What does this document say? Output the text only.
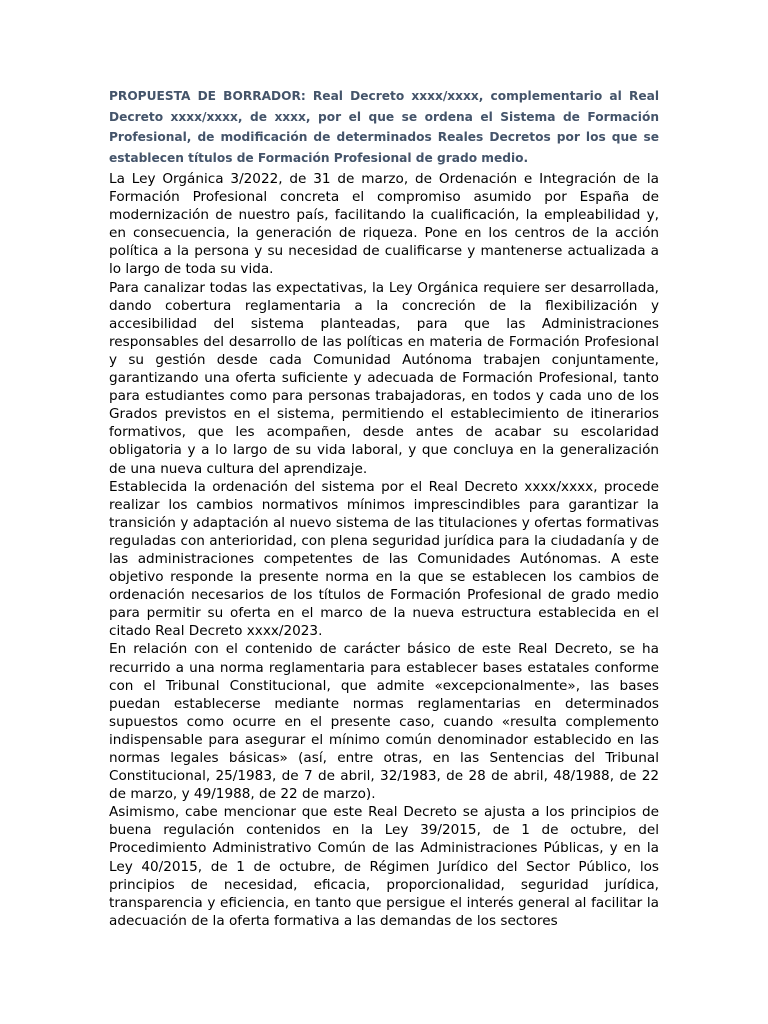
PROPUESTA DE BORRADOR: Real Decreto xxxx/xxxx, complementario al Real Decreto xxxx/xxxx, de xxxx, por el que se ordena el Sistema de Formación Profesional, de modificación de determinados Reales Decretos por los que se establecen títulos de Formación Profesional de grado medio.

La Ley Orgánica 3/2022, de 31 de marzo, de Ordenación e Integración de la Formación Profesional concreta el compromiso asumido por España de modernización de nuestro país, facilitando la cualificación, la empleabilidad y, en consecuencia, la generación de riqueza. Pone en los centros de la acción política a la persona y su necesidad de cualificarse y mantenerse actualizada a lo largo de toda su vida.

Para canalizar todas las expectativas, la Ley Orgánica requiere ser desarrollada, dando cobertura reglamentaria a la concreción de la flexibilización y accesibilidad del sistema planteadas, para que las Administraciones responsables del desarrollo de las políticas en materia de Formación Profesional y su gestión desde cada Comunidad Autónoma trabajen conjuntamente, garantizando una oferta suficiente y adecuada de Formación Profesional, tanto para estudiantes como para personas trabajadoras, en todos y cada uno de los Grados previstos en el sistema, permitiendo el establecimiento de itinerarios formativos, que les acompañen, desde antes de acabar su escolaridad obligatoria y a lo largo de su vida laboral, y que concluya en la generalización de una nueva cultura del aprendizaje.

Establecida la ordenación del sistema por el Real Decreto xxxx/xxxx, procede realizar los cambios normativos mínimos imprescindibles para garantizar la transición y adaptación al nuevo sistema de las titulaciones y ofertas formativas reguladas con anterioridad, con plena seguridad jurídica para la ciudadanía y de las administraciones competentes de las Comunidades Autónomas. A este objetivo responde la presente norma en la que se establecen los cambios de ordenación necesarios de los títulos de Formación Profesional de grado medio para permitir su oferta en el marco de la nueva estructura establecida en el citado Real Decreto xxxx/2023.

En relación con el contenido de carácter básico de este Real Decreto, se ha recurrido a una norma reglamentaria para establecer bases estatales conforme con el Tribunal Constitucional, que admite «excepcionalmente», las bases puedan establecerse mediante normas reglamentarias en determinados supuestos como ocurre en el presente caso, cuando «resulta complemento indispensable para asegurar el mínimo común denominador establecido en las normas legales básicas» (así, entre otras, en las Sentencias del Tribunal Constitucional, 25/1983, de 7 de abril, 32/1983, de 28 de abril, 48/1988, de 22 de marzo, y 49/1988, de 22 de marzo).

Asimismo, cabe mencionar que este Real Decreto se ajusta a los principios de buena regulación contenidos en la Ley 39/2015, de 1 de octubre, del Procedimiento Administrativo Común de las Administraciones Públicas, y en la Ley 40/2015, de 1 de octubre, de Régimen Jurídico del Sector Público, los principios de necesidad, eficacia, proporcionalidad, seguridad jurídica, transparencia y eficiencia, en tanto que persigue el interés general al facilitar la adecuación de la oferta formativa a las demandas de los sectores
